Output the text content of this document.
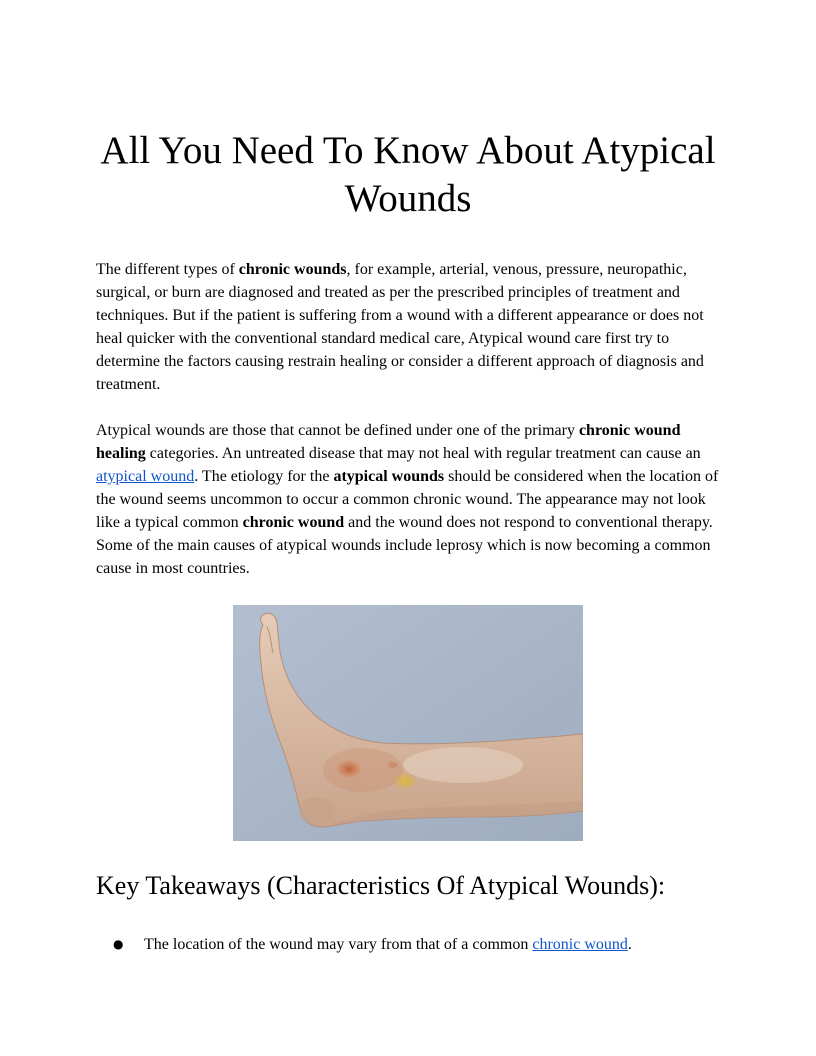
All You Need To Know About Atypical Wounds

The different types of chronic wounds, for example, arterial, venous, pressure, neuropathic, surgical, or burn are diagnosed and treated as per the prescribed principles of treatment and techniques. But if the patient is suffering from a wound with a different appearance or does not heal quicker with the conventional standard medical care, Atypical wound care first try to determine the factors causing restrain healing or consider a different approach of diagnosis and treatment.

Atypical wounds are those that cannot be defined under one of the primary chronic wound healing categories. An untreated disease that may not heal with regular treatment can cause an atypical wound. The etiology for the atypical wounds should be considered when the location of the wound seems uncommon to occur a common chronic wound. The appearance may not look like a typical common chronic wound and the wound does not respond to conventional therapy. Some of the main causes of atypical wounds include leprosy which is now becoming a common cause in most countries.

Key Takeaways (Characteristics Of Atypical Wounds):
● The location of the wound may vary from that of a common chronic wound.
